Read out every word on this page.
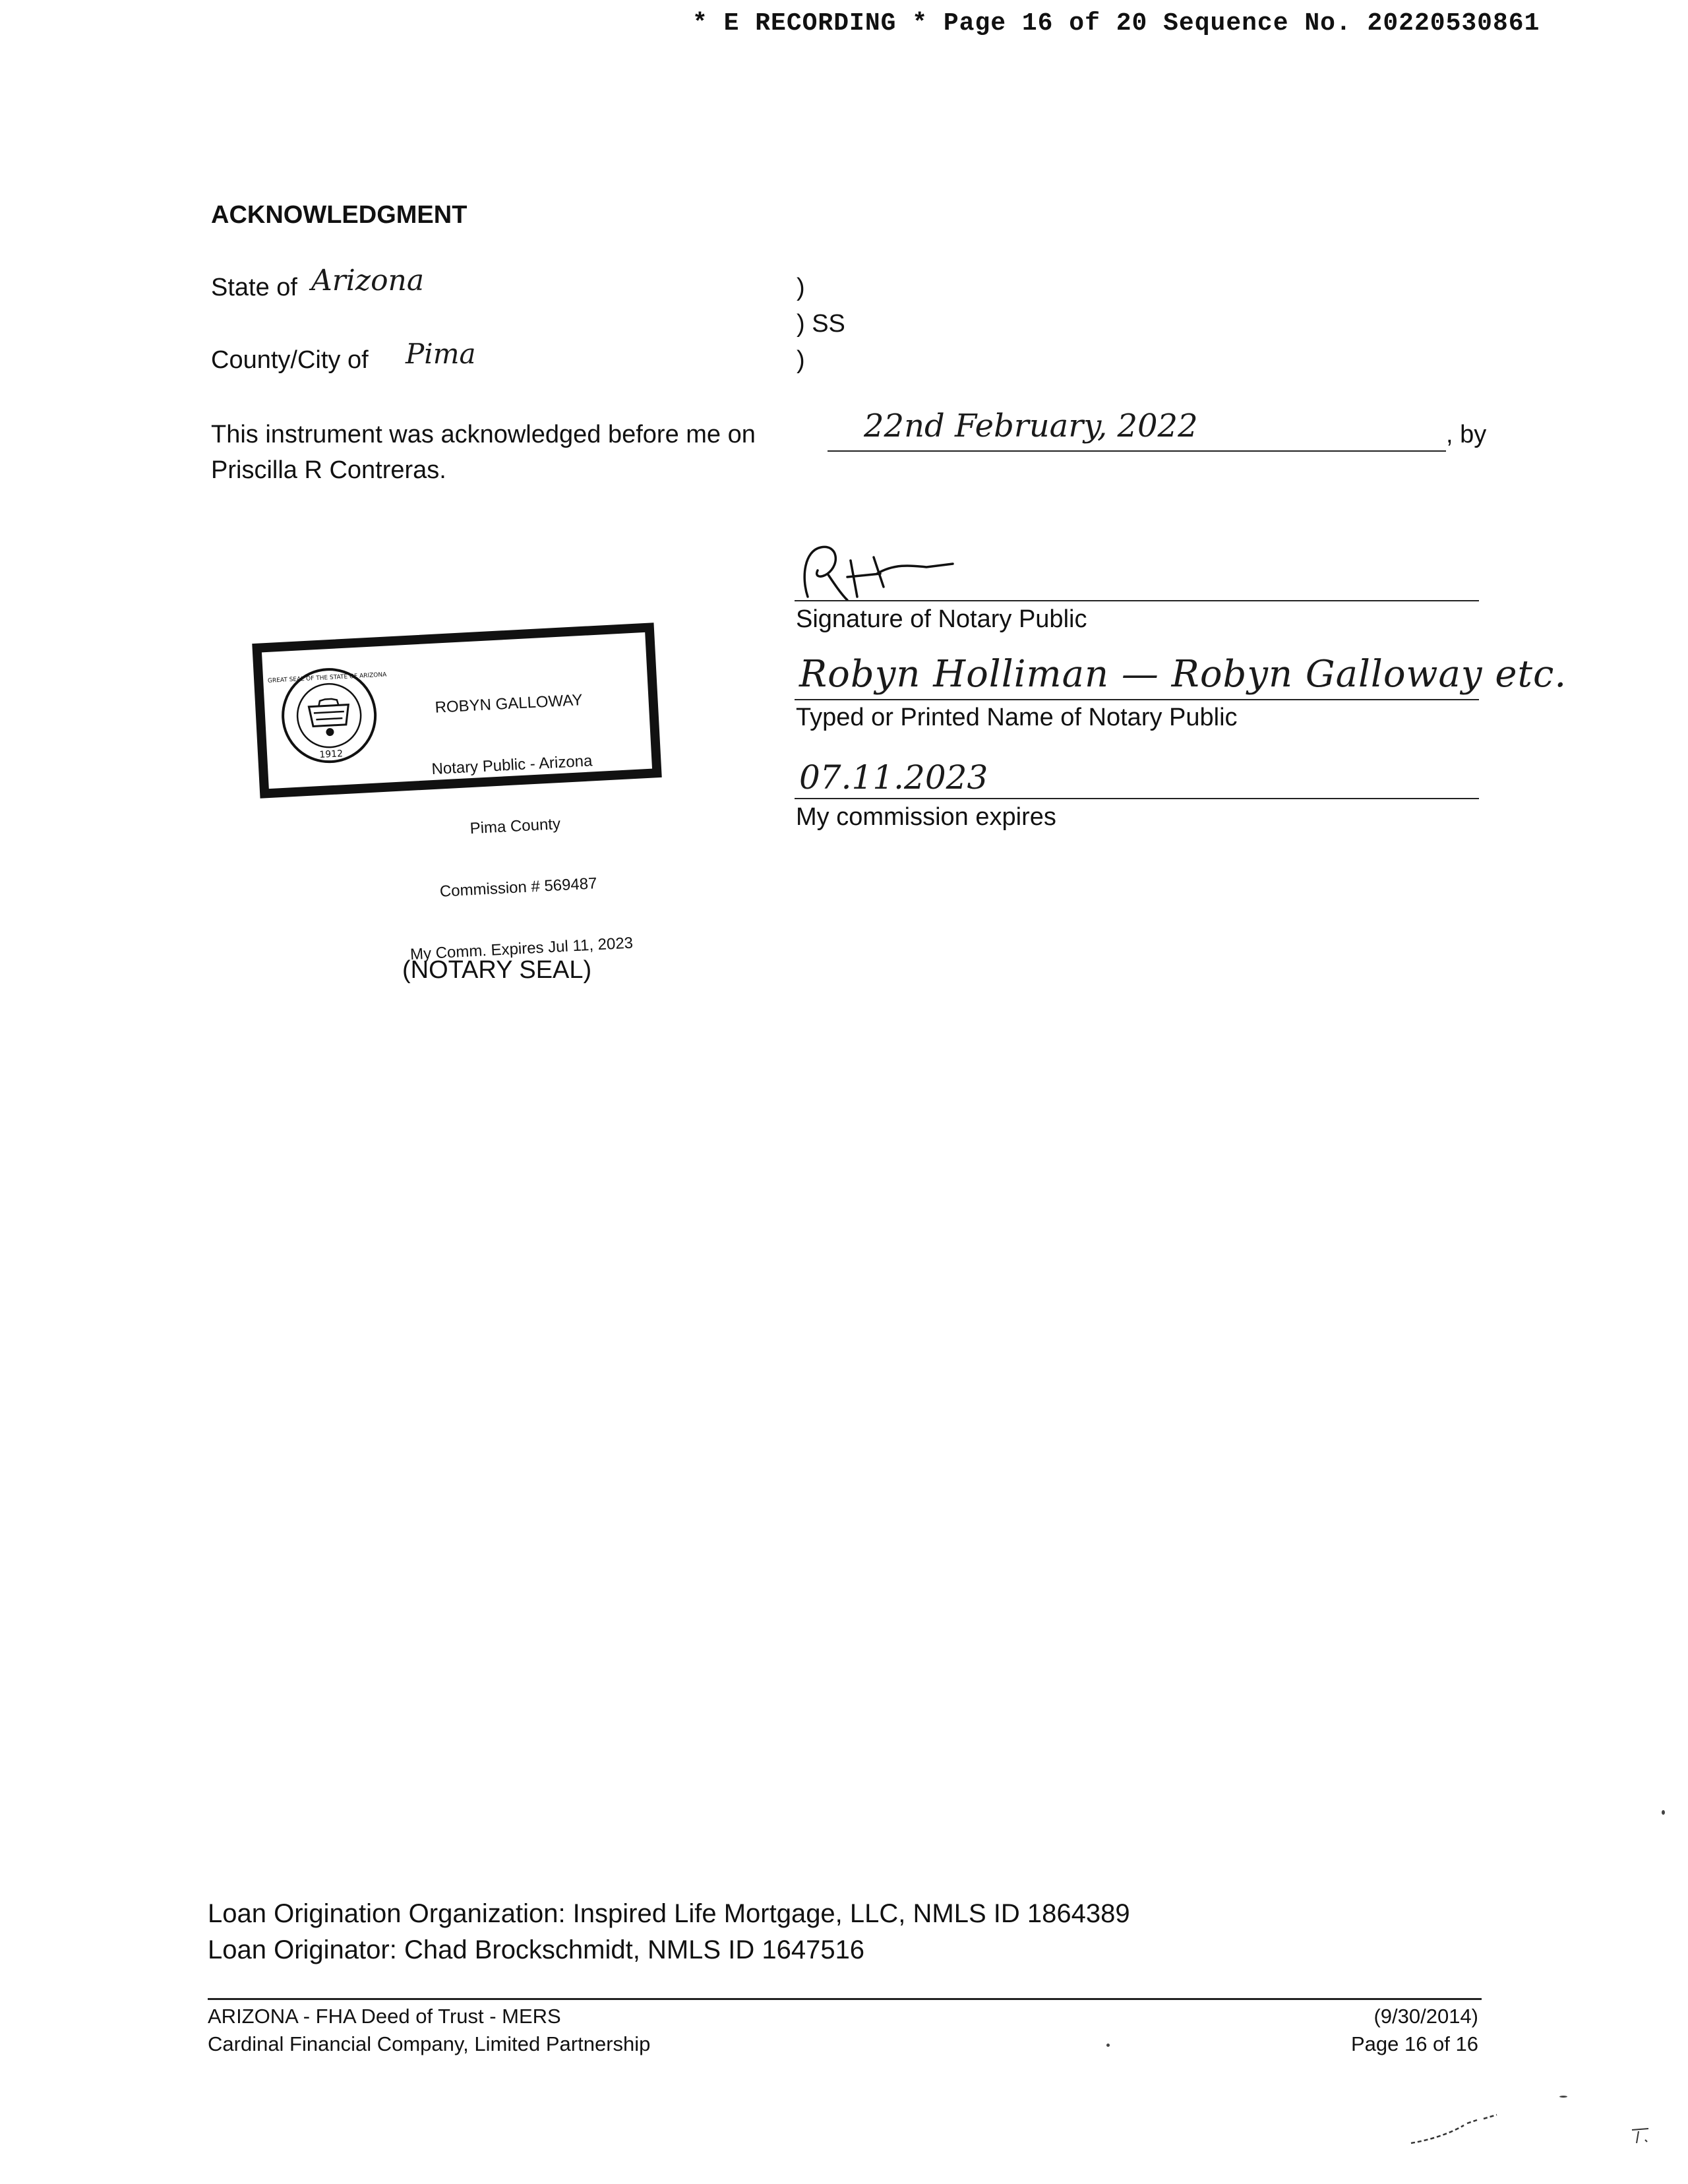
* E RECORDING * Page 16 of 20 Sequence No. 20220530861
ACKNOWLEDGMENT
State of Arizona
County/City of Pima
)
) SS
)
This instrument was acknowledged before me on	22nd February, 2022	, by
Priscilla R Contreras.
Signature of Notary Public
Robyn Holliman — Robyn Galloway etc.
Typed or Printed Name of Notary Public
07.11.2023
My commission expires
1912
GREAT SEAL OF THE STATE OF ARIZONA

ROBYN GALLOWAY

Notary Public - Arizona

Pima County

Commission # 569487

My Comm. Expires Jul 11, 2023

(NOTARY SEAL)
Loan Origination Organization: Inspired Life Mortgage, LLC, NMLS ID 1864389
Loan Originator: Chad Brockschmidt, NMLS ID 1647516
ARIZONA - FHA Deed of Trust - MERS
Cardinal Financial Company, Limited Partnership
(9/30/2014)
Page 16 of 16
